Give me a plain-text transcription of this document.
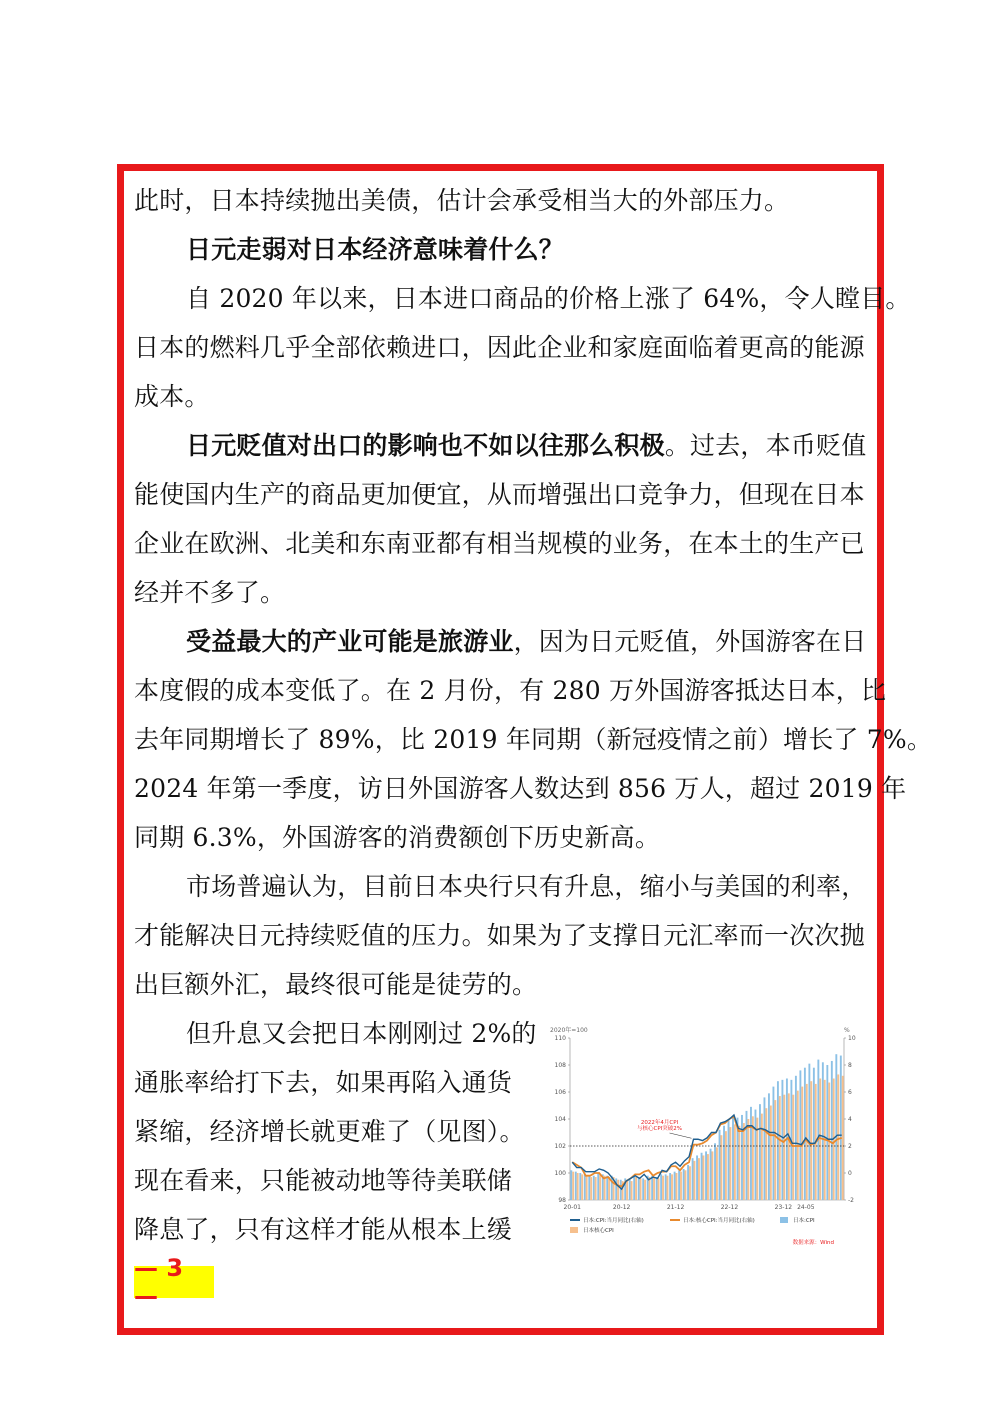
此时，日本持续抛出美债，估计会承受相当大的外部压力。
日元走弱对日本经济意味着什么？
自 2020 年以来，日本进口商品的价格上涨了 64%，令人瞠目。
日本的燃料几乎全部依赖进口，因此企业和家庭面临着更高的能源
成本。
日元贬值对出口的影响也不如以往那么积极。过去，本币贬值
能使国内生产的商品更加便宜，从而增强出口竞争力，但现在日本
企业在欧洲、北美和东南亚都有相当规模的业务，在本土的生产已
经并不多了。
受益最大的产业可能是旅游业，因为日元贬值，外国游客在日
本度假的成本变低了。在 2 月份，有 280 万外国游客抵达日本，比
去年同期增长了 89%，比 2019 年同期（新冠疫情之前）增长了 7%。
2024 年第一季度，访日外国游客人数达到 856 万人，超过 2019 年
同期 6.3%，外国游客的消费额创下历史新高。
市场普遍认为，目前日本央行只有升息，缩小与美国的利率，
才能解决日元持续贬值的压力。如果为了支撑日元汇率而一次次抛
出巨额外汇，最终很可能是徒劳的。
但升息又会把日本刚刚过 2%的
通胀率给打下去，如果再陷入通货
紧缩，经济增长就更难了（见图）。
现在看来，只能被动地等待美联储
降息了，只有这样才能从根本上缓
2020年=100	%
98
100
102
104
106
108
110
-2
0
2
4
6
8
10
20-01	20-12	21-12	22-12	23-12 24-05
2022年4月CPI
与核心CPI突破2%
日本:CPI:当月同比(右轴)	日本:核心CPI:当月同比(右轴)	日本:CPI
日本核心CPI
数据来源：Wind
— 3 —
